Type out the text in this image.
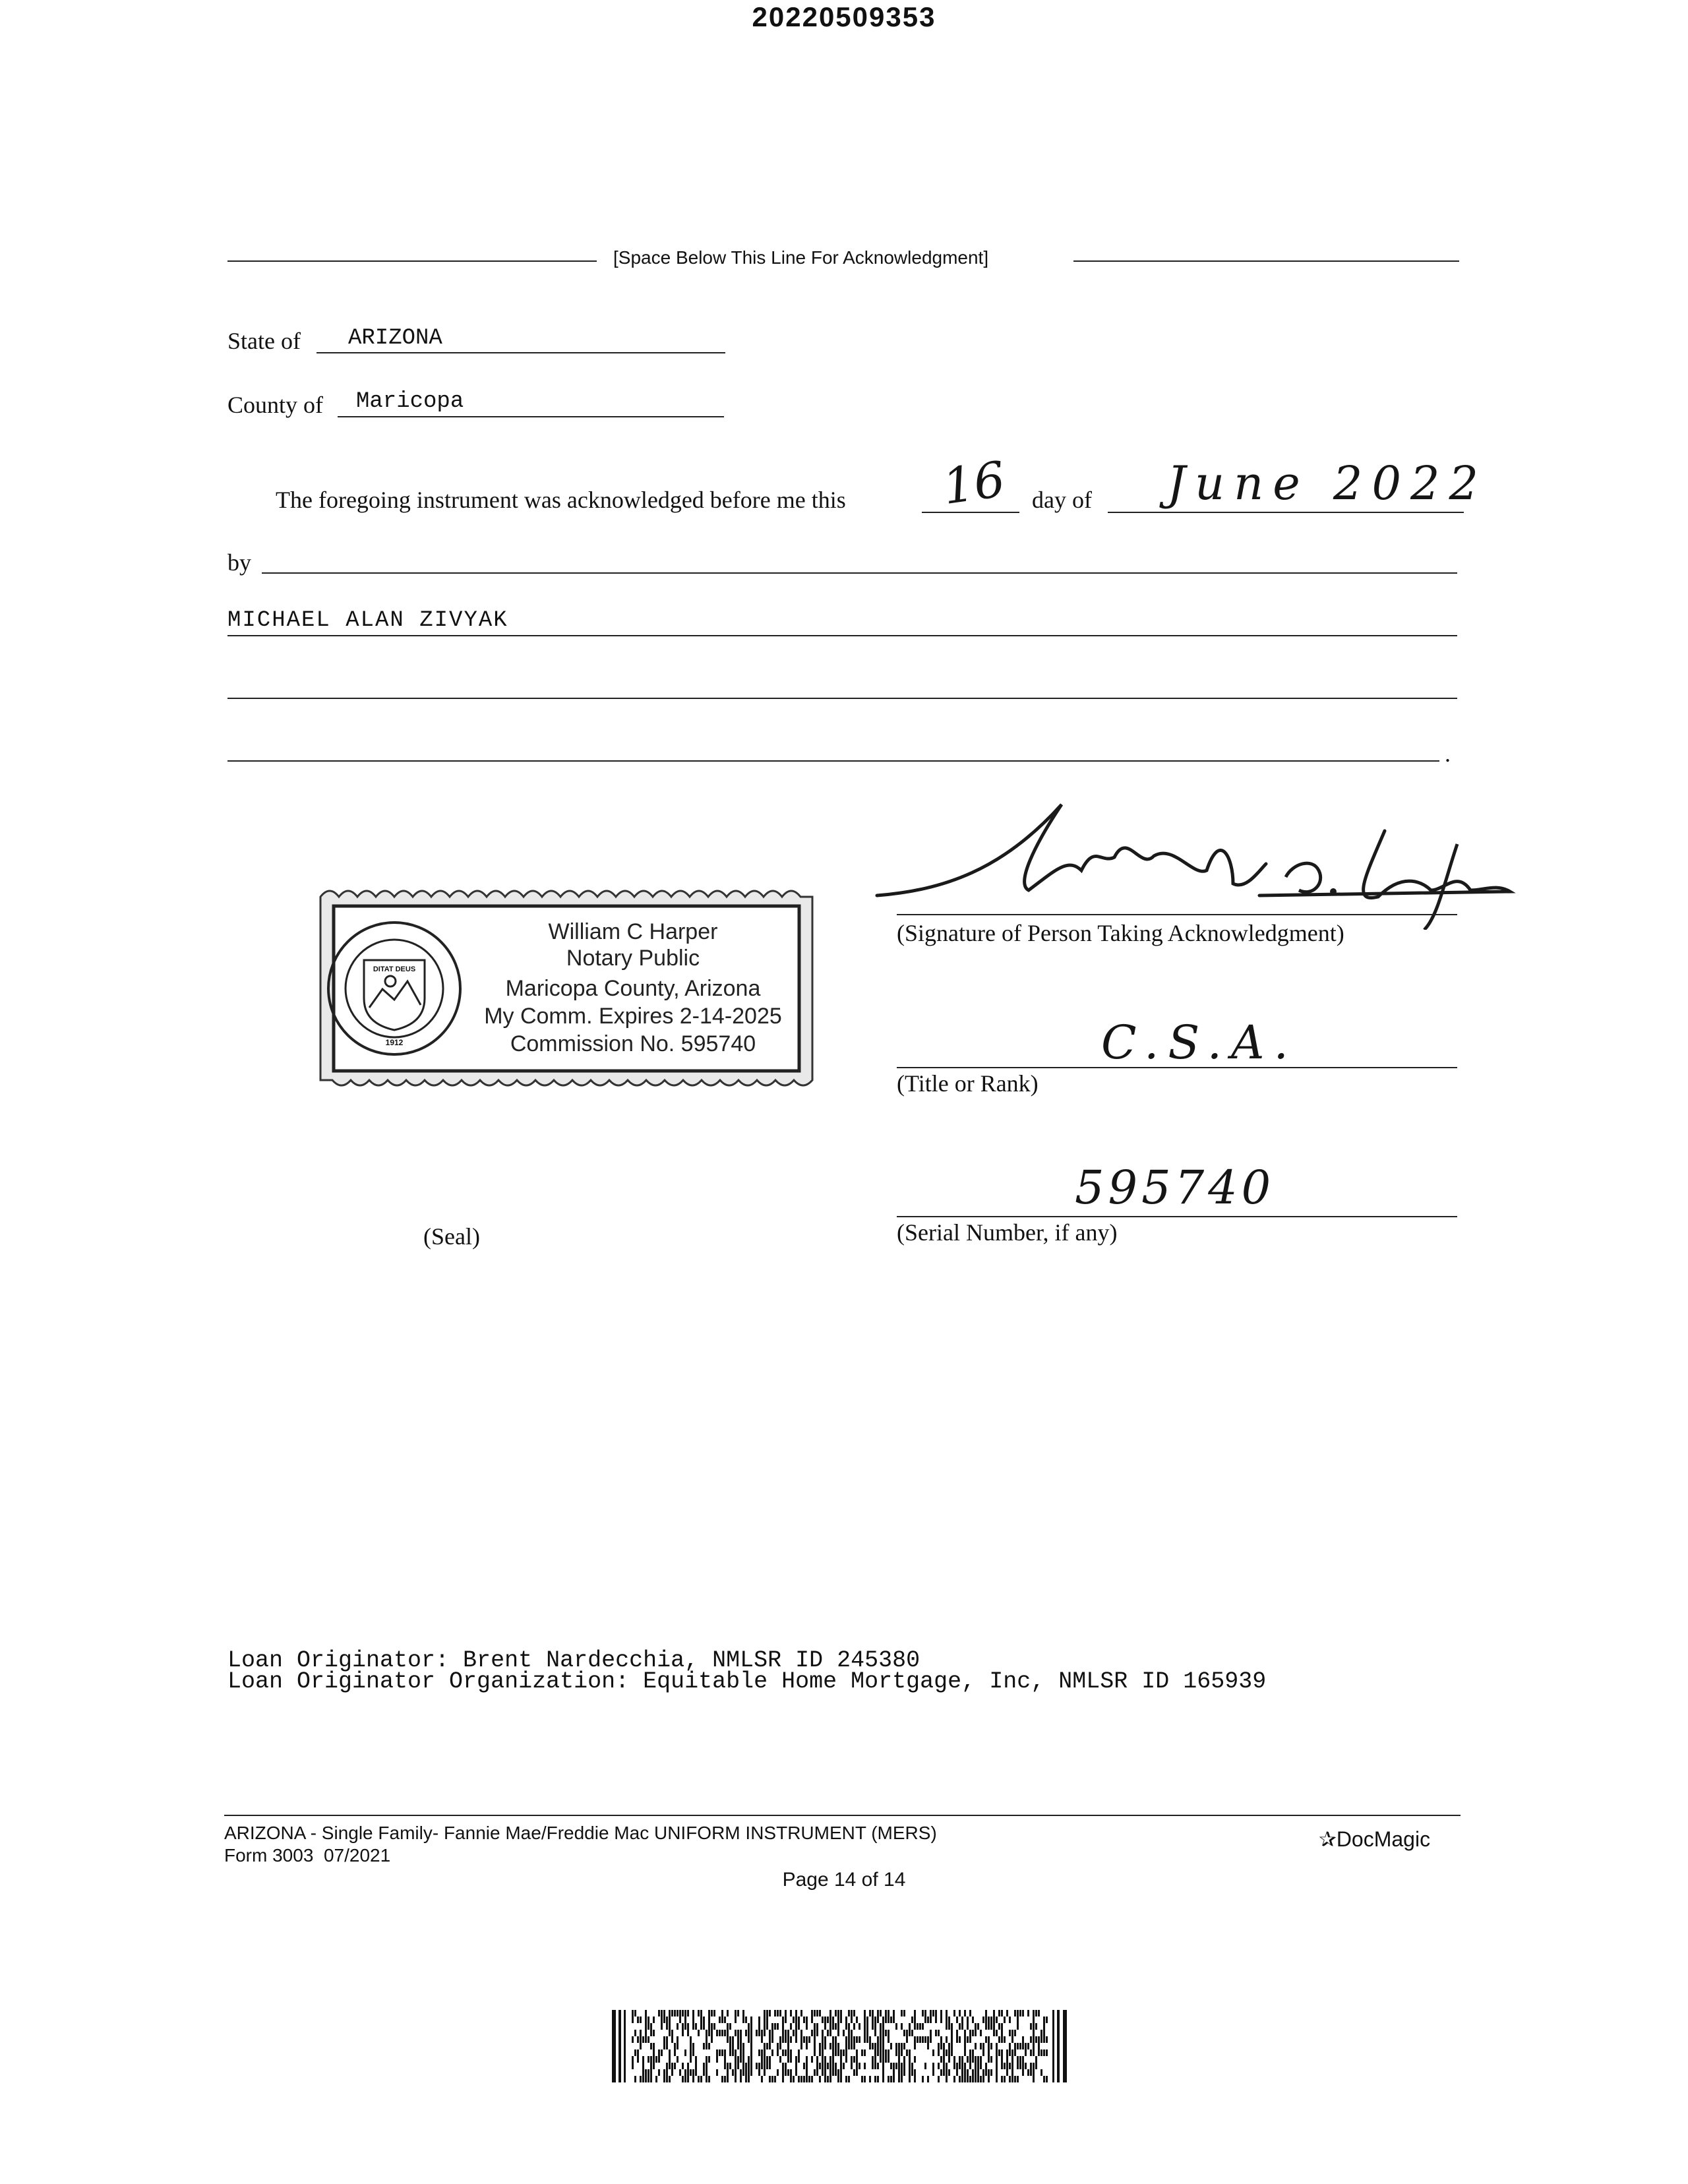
20220509353
[Space Below This Line For Acknowledgment]
State of ARIZONA
County of Maricopa
The foregoing instrument was acknowledged before me this 16 day of June 2022
by
MICHAEL ALAN ZIVYAK
.
DITAT DEUS
1912
William C Harper
Notary Public
Maricopa County, Arizona
My Comm. Expires 2-14-2025
Commission No. 595740
(Signature of Person Taking Acknowledgment)
C.S.A.
(Title or Rank)
595740
(Serial Number, if any)
(Seal)
Loan Originator: Brent Nardecchia, NMLSR ID 245380
Loan Originator Organization: Equitable Home Mortgage, Inc, NMLSR ID 165939
ARIZONA - Single Family- Fannie Mae/Freddie Mac UNIFORM INSTRUMENT (MERS)
Form 3003  07/2021
✰DocMagic
Page 14 of 14
